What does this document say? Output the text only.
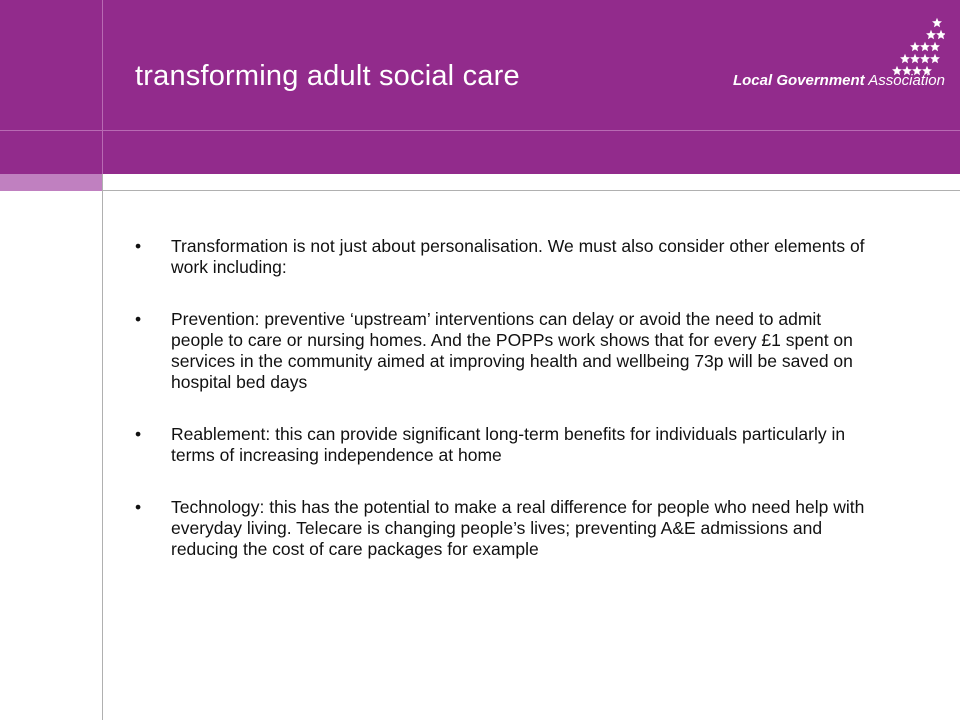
transforming adult social care	Local Government Association
• Transformation is not just about personalisation. We must also consider other elements of work including:
• Prevention: preventive ‘upstream’ interventions can delay or avoid the need to admit people to care or nursing homes. And the POPPs work shows that for every £1 spent on services in the community aimed at improving health and wellbeing 73p will be saved on hospital bed days
• Reablement: this can provide significant long-term benefits for individuals particularly in terms of increasing independence at home
• Technology: this has the potential to make a real difference for people who need help with everyday living. Telecare is changing people’s lives; preventing A&E admissions and reducing the cost of care packages for example
